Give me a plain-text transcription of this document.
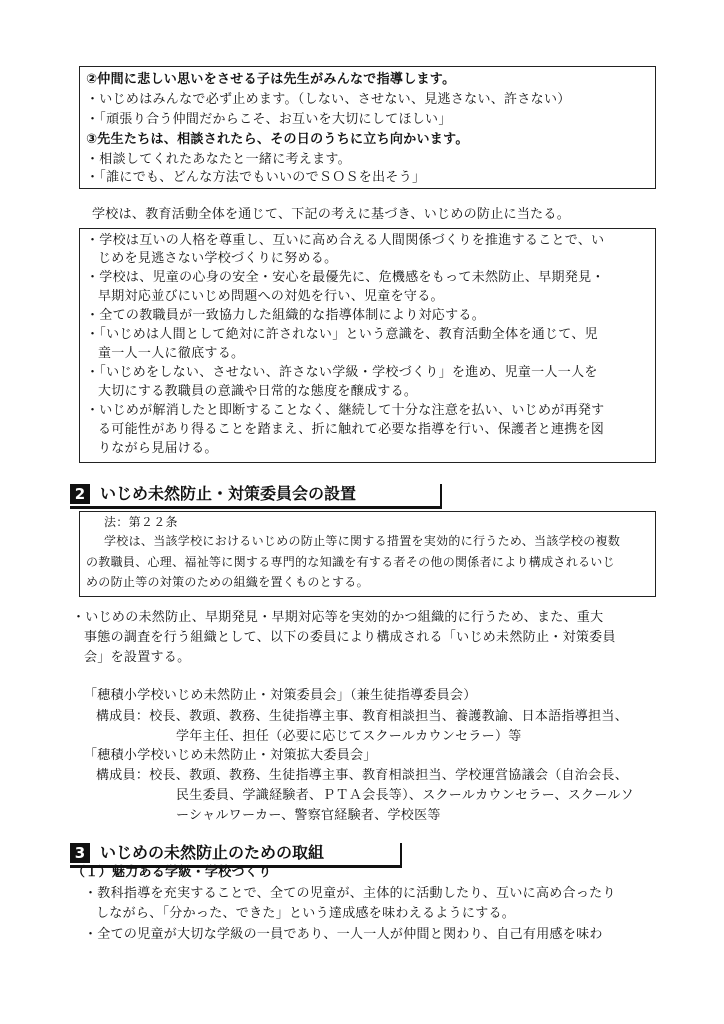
②仲間に悲しい思いをさせる子は先生がみんなで指導します。
・いじめはみんなで必ず止めます。（しない、させない、見逃さない、許さない）
・「頑張り合う仲間だからこそ、お互いを大切にしてほしい」
③先生たちは、相談されたら、その日のうちに立ち向かいます。
・相談してくれたあなたと一緒に考えます。
・「誰にでも、どんな方法でもいいのでＳＯＳを出そう」
学校は、教育活動全体を通じて、下記の考えに基づき、いじめの防止に当たる。
・学校は互いの人格を尊重し、互いに高め合える人間関係づくりを推進することで、い
じめを見逃さない学校づくりに努める。
・学校は、児童の心身の安全・安心を最優先に、危機感をもって未然防止、早期発見・
早期対応並びにいじめ問題への対処を行い、児童を守る。
・全ての教職員が一致協力した組織的な指導体制により対応する。
・「いじめは人間として絶対に許されない」という意識を、教育活動全体を通じて、児
童一人一人に徹底する。
・「いじめをしない、させない、許さない学級・学校づくり」を進め、児童一人一人を
大切にする教職員の意識や日常的な態度を醸成する。
・いじめが解消したと即断することなく、継続して十分な注意を払い、いじめが再発す
る可能性があり得ることを踏まえ、折に触れて必要な指導を行い、保護者と連携を図
りながら見届ける。
2 いじめ未然防止・対策委員会の設置
法：第２２条
学校は、当該学校におけるいじめの防止等に関する措置を実効的に行うため、当該学校の複数
の教職員、心理、福祉等に関する専門的な知識を有する者その他の関係者により構成されるいじ
めの防止等の対策のための組織を置くものとする。
・いじめの未然防止、早期発見・早期対応等を実効的かつ組織的に行うため、また、重大
事態の調査を行う組織として、以下の委員により構成される「いじめ未然防止・対策委員
会」を設置する。
「穂積小学校いじめ未然防止・対策委員会」（兼生徒指導委員会）
構成員：校長、教頭、教務、生徒指導主事、教育相談担当、養護教諭、日本語指導担当、
学年主任、担任（必要に応じてスクールカウンセラー）等
「穂積小学校いじめ未然防止・対策拡大委員会」
構成員：校長、教頭、教務、生徒指導主事、教育相談担当、学校運営協議会（自治会長、
民生委員、学識経験者、ＰＴＡ会長等）、スクールカウンセラー、スクールソ
ーシャルワーカー、警察官経験者、学校医等
3 いじめの未然防止のための取組
（１）魅力ある学級・学校づくり
・教科指導を充実することで、全ての児童が、主体的に活動したり、互いに高め合ったり
しながら、「分かった、できた」という達成感を味わえるようにする。
・全ての児童が大切な学級の一員であり、一人一人が仲間と関わり、自己有用感を味わ
